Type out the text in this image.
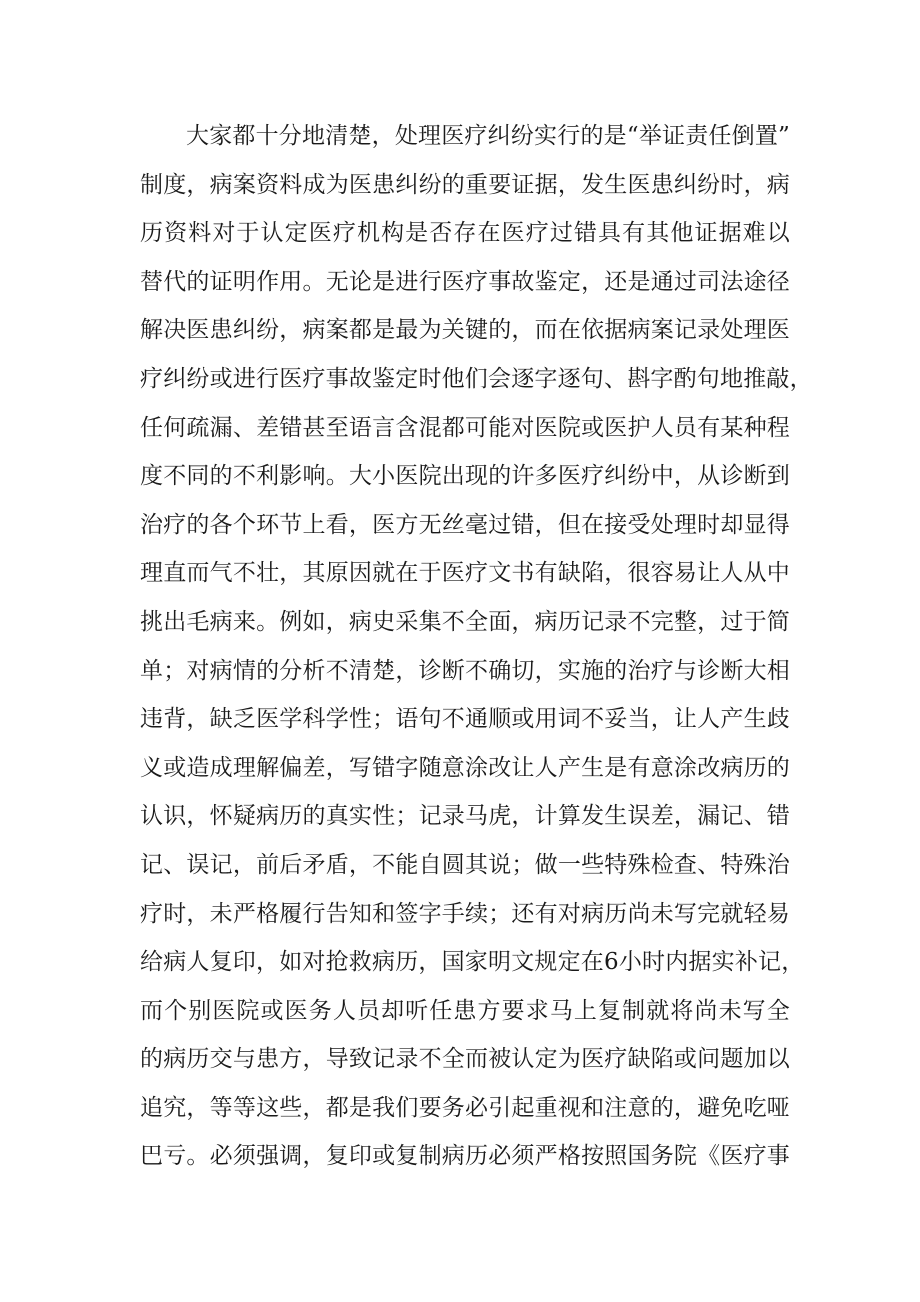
大家都十分地清楚，处理医疗纠纷实行的是“举证责任倒置”
制度，病案资料成为医患纠纷的重要证据，发生医患纠纷时，病
历资料对于认定医疗机构是否存在医疗过错具有其他证据难以
替代的证明作用。无论是进行医疗事故鉴定，还是通过司法途径
解决医患纠纷，病案都是最为关键的，而在依据病案记录处理医
疗纠纷或进行医疗事故鉴定时他们会逐字逐句、斟字酌句地推敲，
任何疏漏、差错甚至语言含混都可能对医院或医护人员有某种程
度不同的不利影响。大小医院出现的许多医疗纠纷中，从诊断到
治疗的各个环节上看，医方无丝毫过错，但在接受处理时却显得
理直而气不壮，其原因就在于医疗文书有缺陷，很容易让人从中
挑出毛病来。例如，病史采集不全面，病历记录不完整，过于简
单；对病情的分析不清楚，诊断不确切，实施的治疗与诊断大相
违背，缺乏医学科学性；语句不通顺或用词不妥当，让人产生歧
义或造成理解偏差，写错字随意涂改让人产生是有意涂改病历的
认识，怀疑病历的真实性；记录马虎，计算发生误差，漏记、错
记、误记，前后矛盾，不能自圆其说；做一些特殊检查、特殊治
疗时，未严格履行告知和签字手续；还有对病历尚未写完就轻易
给病人复印，如对抢救病历，国家明文规定在6小时内据实补记，
而个别医院或医务人员却听任患方要求马上复制就将尚未写全
的病历交与患方，导致记录不全而被认定为医疗缺陷或问题加以
追究，等等这些，都是我们要务必引起重视和注意的，避免吃哑
巴亏。必须强调，复印或复制病历必须严格按照国务院《医疗事
